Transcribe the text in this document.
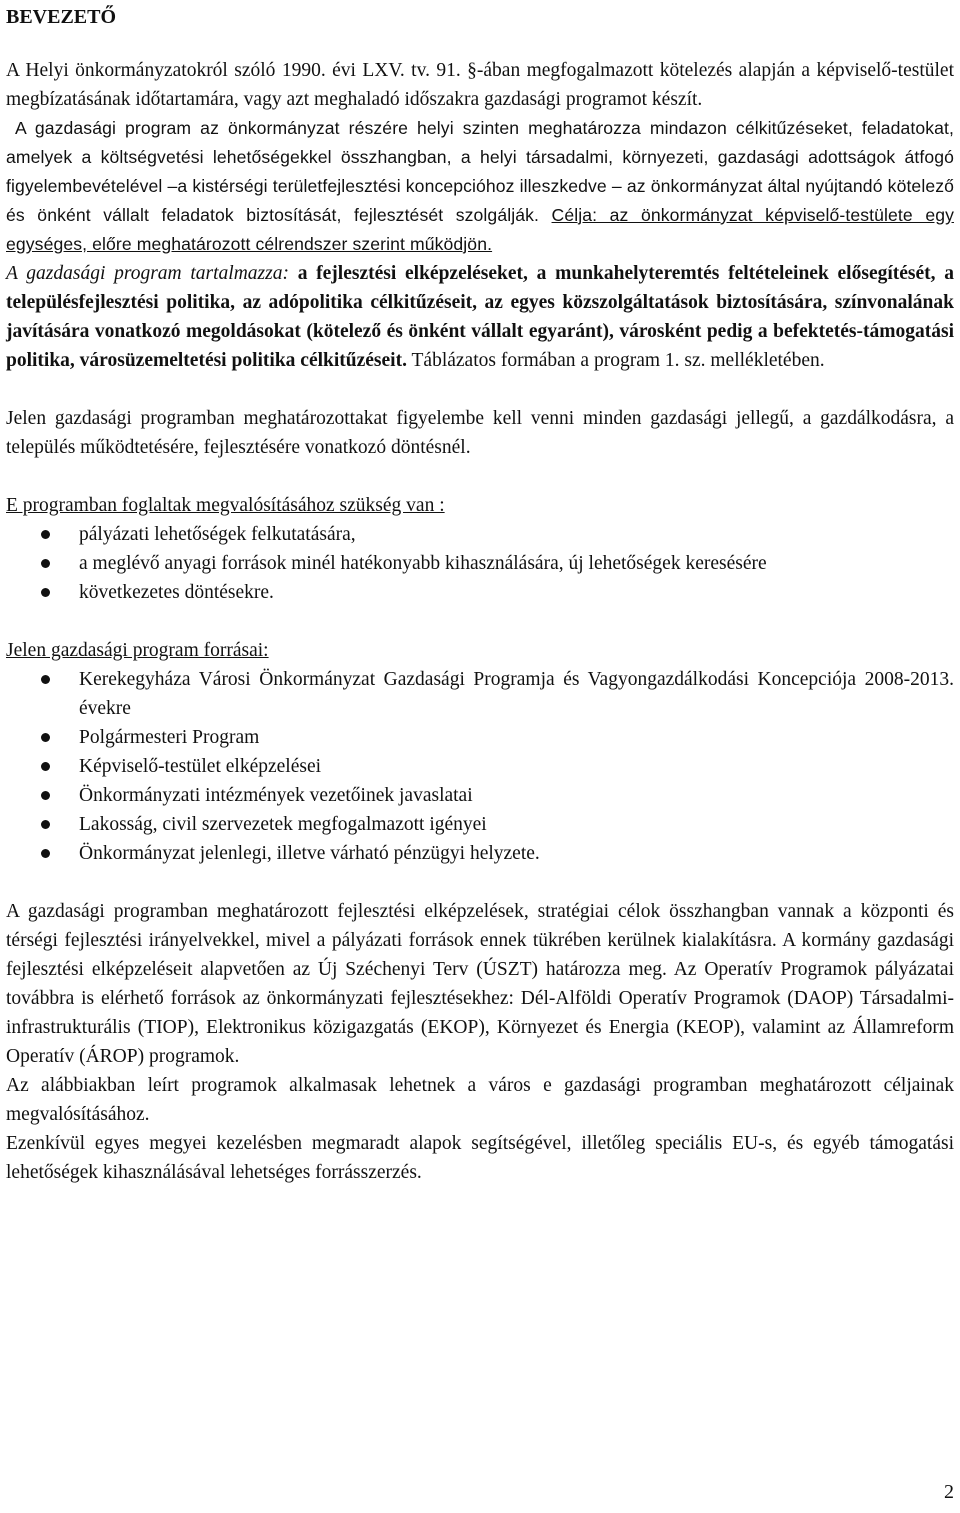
BEVEZETŐ

A Helyi önkormányzatokról szóló 1990. évi LXV. tv. 91. §-ában megfogalmazott kötelezés alapján a képviselő-testület megbízatásának időtartamára, vagy azt meghaladó időszakra gazdasági programot készít.

A gazdasági program az önkormányzat részére helyi szinten meghatározza mindazon célkitűzéseket, feladatokat, amelyek a költségvetési lehetőségekkel összhangban, a helyi társadalmi, környezeti, gazdasági adottságok átfogó figyelembevételével –a kistérségi területfejlesztési koncepcióhoz illeszkedve – az önkormányzat által nyújtandó kötelező és önként vállalt feladatok biztosítását, fejlesztését szolgálják. Célja: az önkormányzat képviselő-testülete egy egységes, előre meghatározott célrendszer szerint működjön.

A gazdasági program tartalmazza: a fejlesztési elképzeléseket, a munkahelyteremtés feltételeinek elősegítését, a településfejlesztési politika, az adópolitika célkitűzéseit, az egyes közszolgáltatások biztosítására, színvonalának javítására vonatkozó megoldásokat (kötelező és önként vállalt egyaránt), városként pedig a befektetés-támogatási politika, városüzemeltetési politika célkitűzéseit. Táblázatos formában a program 1. sz. mellékletében.

Jelen gazdasági programban meghatározottakat figyelembe kell venni minden gazdasági jellegű, a gazdálkodásra, a település működtetésére, fejlesztésére vonatkozó döntésnél.

E programban foglaltak megvalósításához szükség van :

pályázati lehetőségek felkutatására,
a meglévő anyagi források minél hatékonyabb kihasználására, új lehetőségek keresésére
következetes döntésekre.

Jelen gazdasági program forrásai:

Kerekegyháza Városi Önkormányzat Gazdasági Programja és Vagyongazdálkodási Koncepciója 2008-2013. évekre
Polgármesteri Program
Képviselő-testület elképzelései
Önkormányzati intézmények vezetőinek javaslatai
Lakosság, civil szervezetek megfogalmazott igényei
Önkormányzat jelenlegi, illetve várható pénzügyi helyzete.

A gazdasági programban meghatározott fejlesztési elképzelések, stratégiai célok összhangban vannak a központi és térségi fejlesztési irányelvekkel, mivel a pályázati források ennek tükrében kerülnek kialakításra. A kormány gazdasági fejlesztési elképzeléseit alapvetően az Új Széchenyi Terv (ÚSZT) határozza meg. Az Operatív Programok pályázatai továbbra is elérhető források az önkormányzati fejlesztésekhez: Dél-Alföldi Operatív Programok (DAOP) Társadalmi-infrastrukturális (TIOP), Elektronikus közigazgatás (EKOP), Környezet és Energia (KEOP), valamint az Államreform Operatív (ÁROP) programok.

Az alábbiakban leírt programok alkalmasak lehetnek a város e gazdasági programban meghatározott céljainak megvalósításához.

Ezenkívül egyes megyei kezelésben megmaradt alapok segítségével, illetőleg speciális EU-s, és egyéb támogatási lehetőségek kihasználásával lehetséges forrásszerzés.

2
